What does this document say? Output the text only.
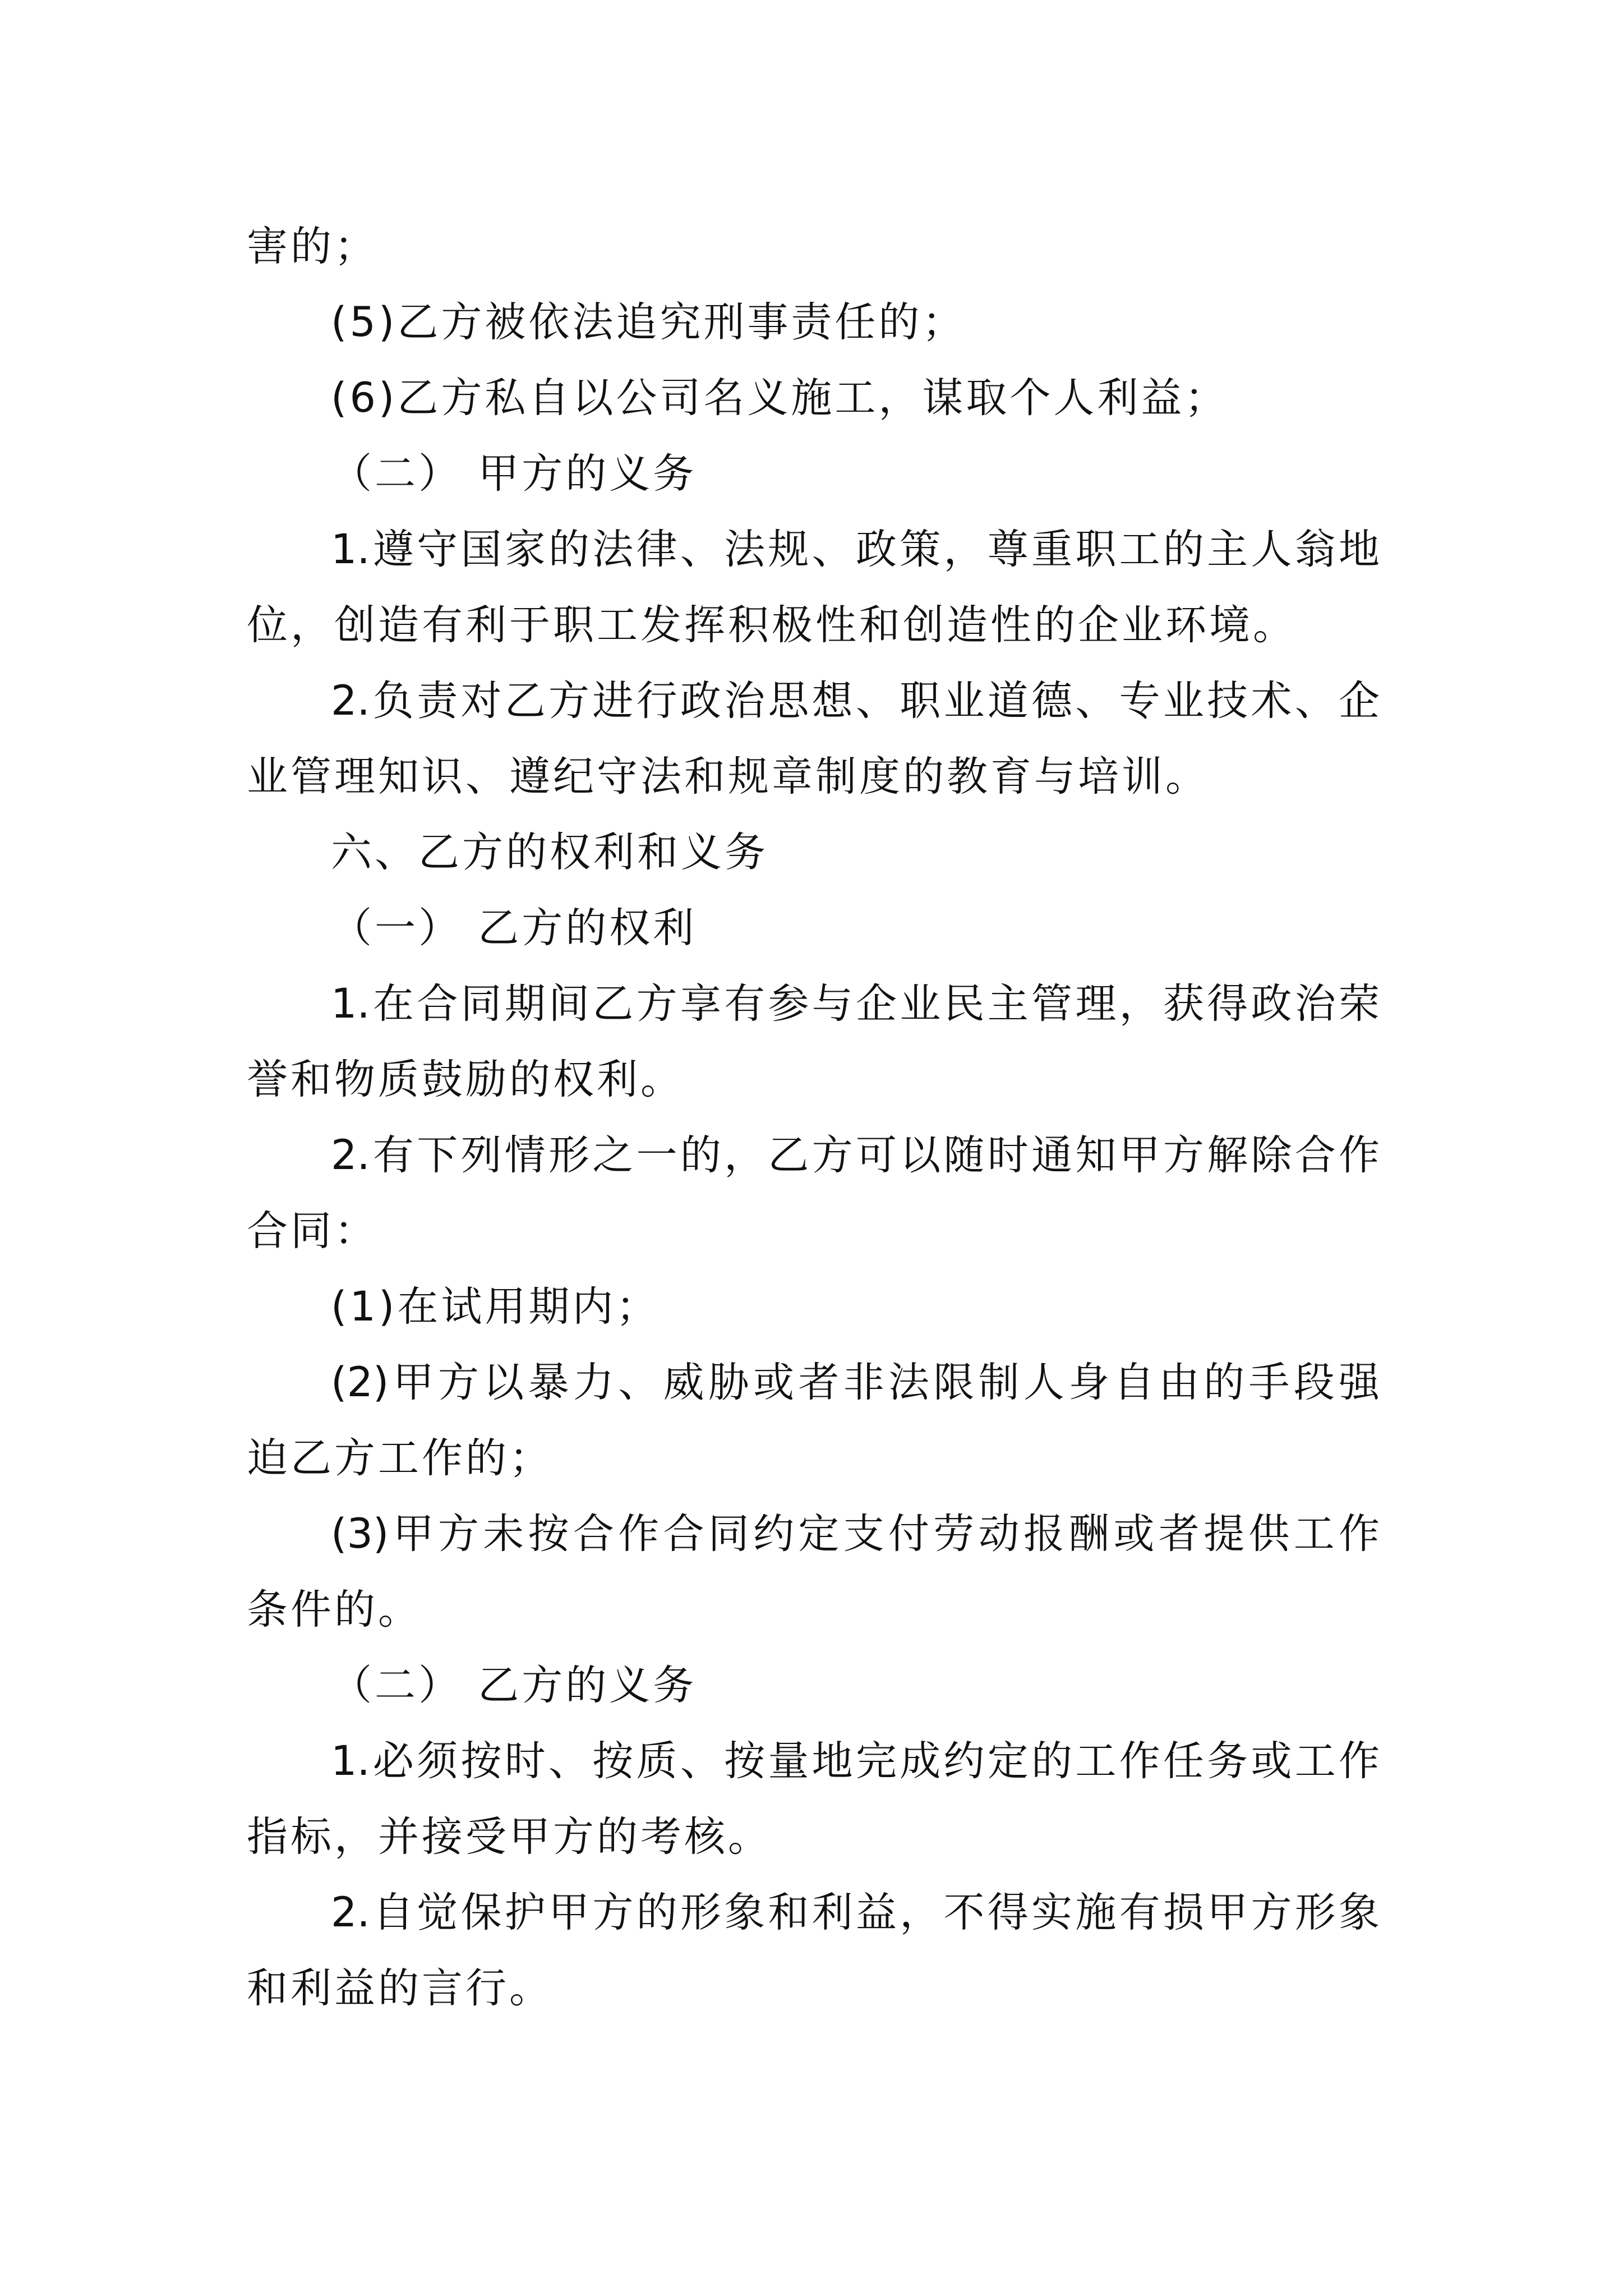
害的；
(5)乙方被依法追究刑事责任的；
(6)乙方私自以公司名义施工，谋取个人利益；
（二） 甲方的义务
1.遵守国家的法律、法规、政策，尊重职工的主人翁地
位，创造有利于职工发挥积极性和创造性的企业环境。
2.负责对乙方进行政治思想、职业道德、专业技术、企
业管理知识、遵纪守法和规章制度的教育与培训。
六、乙方的权利和义务
（一） 乙方的权利
1.在合同期间乙方享有参与企业民主管理，获得政治荣
誉和物质鼓励的权利。
2.有下列情形之一的，乙方可以随时通知甲方解除合作
合同：
(1)在试用期内；
(2)甲方以暴力、威胁或者非法限制人身自由的手段强
迫乙方工作的；
(3)甲方未按合作合同约定支付劳动报酬或者提供工作
条件的。
（二） 乙方的义务
1.必须按时、按质、按量地完成约定的工作任务或工作
指标，并接受甲方的考核。
2.自觉保护甲方的形象和利益，不得实施有损甲方形象
和利益的言行。
